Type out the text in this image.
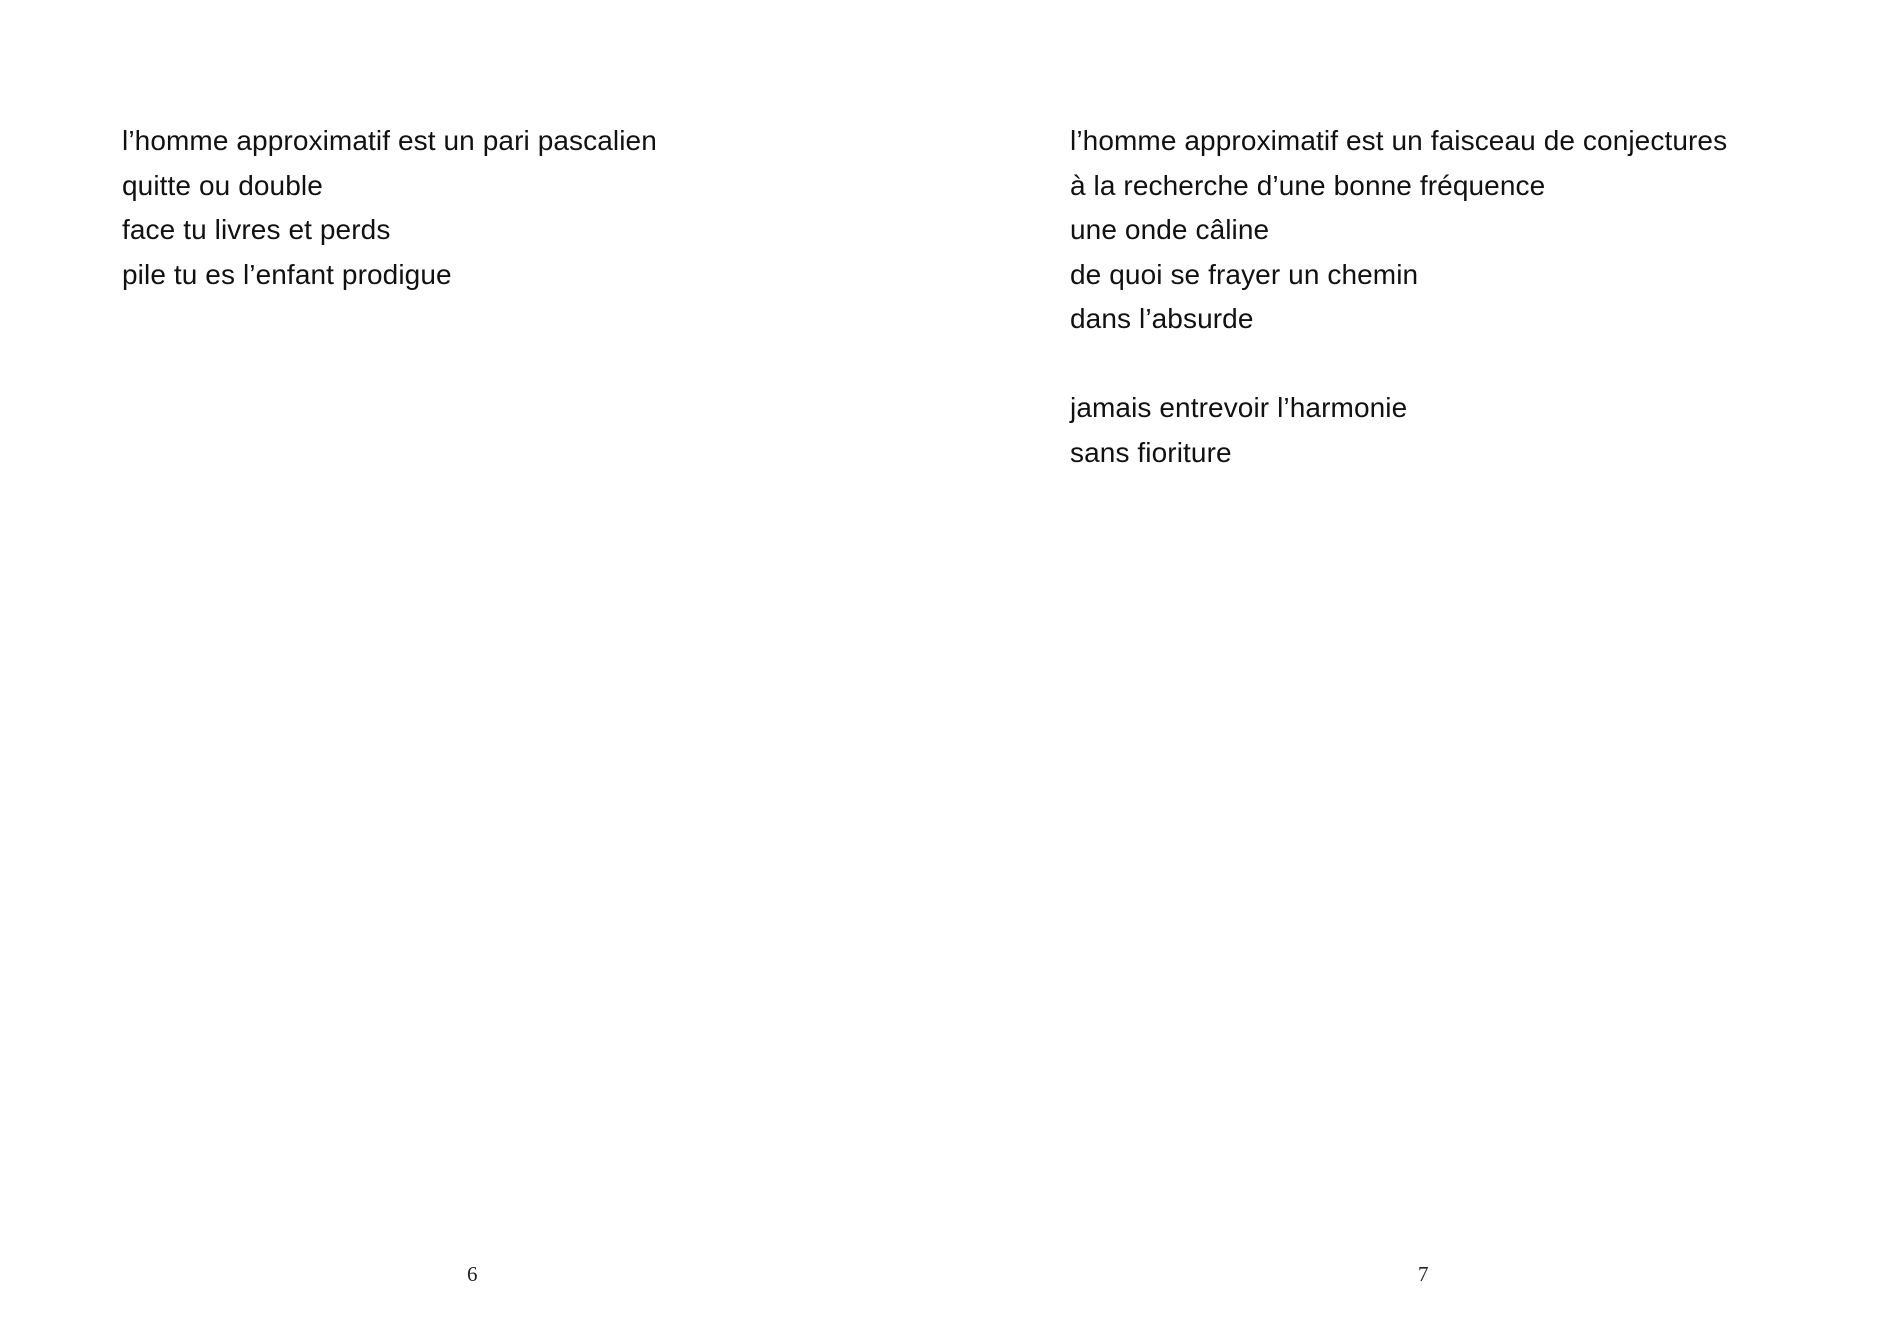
l’homme approximatif est un pari pascalien
quitte ou double
face tu livres et perds
pile tu es l’enfant prodigue
6
l’homme approximatif est un faisceau de conjectures
à la recherche d’une bonne fréquence
une onde câline
de quoi se frayer un chemin
dans l’absurde
jamais entrevoir l’harmonie
sans fioriture
7
